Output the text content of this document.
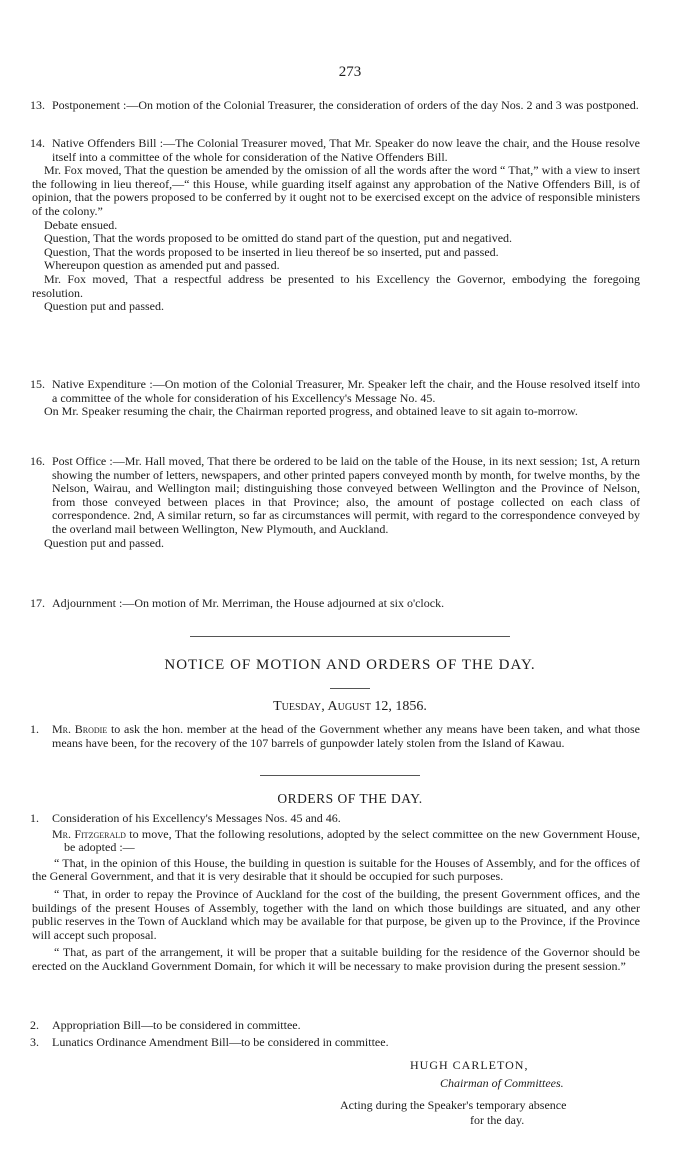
273
13. Postponement :—On motion of the Colonial Treasurer, the consideration of orders of the day Nos. 2 and 3 was postponed.

14. Native Offenders Bill :—The Colonial Treasurer moved, That Mr. Speaker do now leave the chair, and the House resolve itself into a committee of the whole for consideration of the Native Offenders Bill.

Mr. Fox moved, That the question be amended by the omission of all the words after the word “ That,” with a view to insert the following in lieu thereof,—“ this House, while guarding itself against any approbation of the Native Offenders Bill, is of opinion, that the powers proposed to be conferred by it ought not to be exercised except on the advice of responsible ministers of the colony.”

Debate ensued.

Question, That the words proposed to be omitted do stand part of the question, put and negatived.

Question, That the words proposed to be inserted in lieu thereof be so inserted, put and passed.

Whereupon question as amended put and passed.

Mr. Fox moved, That a respectful address be presented to his Excellency the Governor, embodying the foregoing resolution.

Question put and passed.

15. Native Expenditure :—On motion of the Colonial Treasurer, Mr. Speaker left the chair, and the House resolved itself into a committee of the whole for consideration of his Excellency's Message No. 45.

On Mr. Speaker resuming the chair, the Chairman reported progress, and obtained leave to sit again to-morrow.

16. Post Office :—Mr. Hall moved, That there be ordered to be laid on the table of the House, in its next session; 1st, A return showing the number of letters, newspapers, and other printed papers conveyed month by month, for twelve months, by the Nelson, Wairau, and Wellington mail; distinguishing those conveyed between Wellington and the Province of Nelson, from those conveyed between places in that Province; also, the amount of postage collected on each class of correspondence. 2nd, A similar return, so far as circumstances will permit, with regard to the correspondence conveyed by the overland mail between Wellington, New Plymouth, and Auckland.

Question put and passed.

17. Adjournment :—On motion of Mr. Merriman, the House adjourned at six o'clock.

NOTICE OF MOTION AND ORDERS OF THE DAY.
Tuesday, August 12, 1856.
1.	Mr. Brodie to ask the hon. member at the head of the Government whether any means have been taken, and what those means have been, for the recovery of the 107 barrels of gunpowder lately stolen from the Island of Kawau.

ORDERS OF THE DAY.
1.	Consideration of his Excellency's Messages Nos. 45 and 46.

Mr. Fitzgerald to move, That the following resolutions, adopted by the select committee on the new Government House, be adopted :—

“ That, in the opinion of this House, the building in question is suitable for the Houses of Assembly, and for the offices of the General Government, and that it is very desirable that it should be occupied for such purposes.

“ That, in order to repay the Province of Auckland for the cost of the building, the present Government offices, and the buildings of the present Houses of Assembly, together with the land on which those buildings are situated, and any other public reserves in the Town of Auckland which may be available for that purpose, be given up to the Province, if the Province will accept such proposal.

“ That, as part of the arrangement, it will be proper that a suitable building for the residence of the Governor should be erected on the Auckland Government Domain, for which it will be necessary to make provision during the present session.”

2.	Appropriation Bill—to be considered in committee.

3.	Lunatics Ordinance Amendment Bill—to be considered in committee.

HUGH CARLETON,
Chairman of Committees.
Acting during the Speaker's temporary absence
for the day.
